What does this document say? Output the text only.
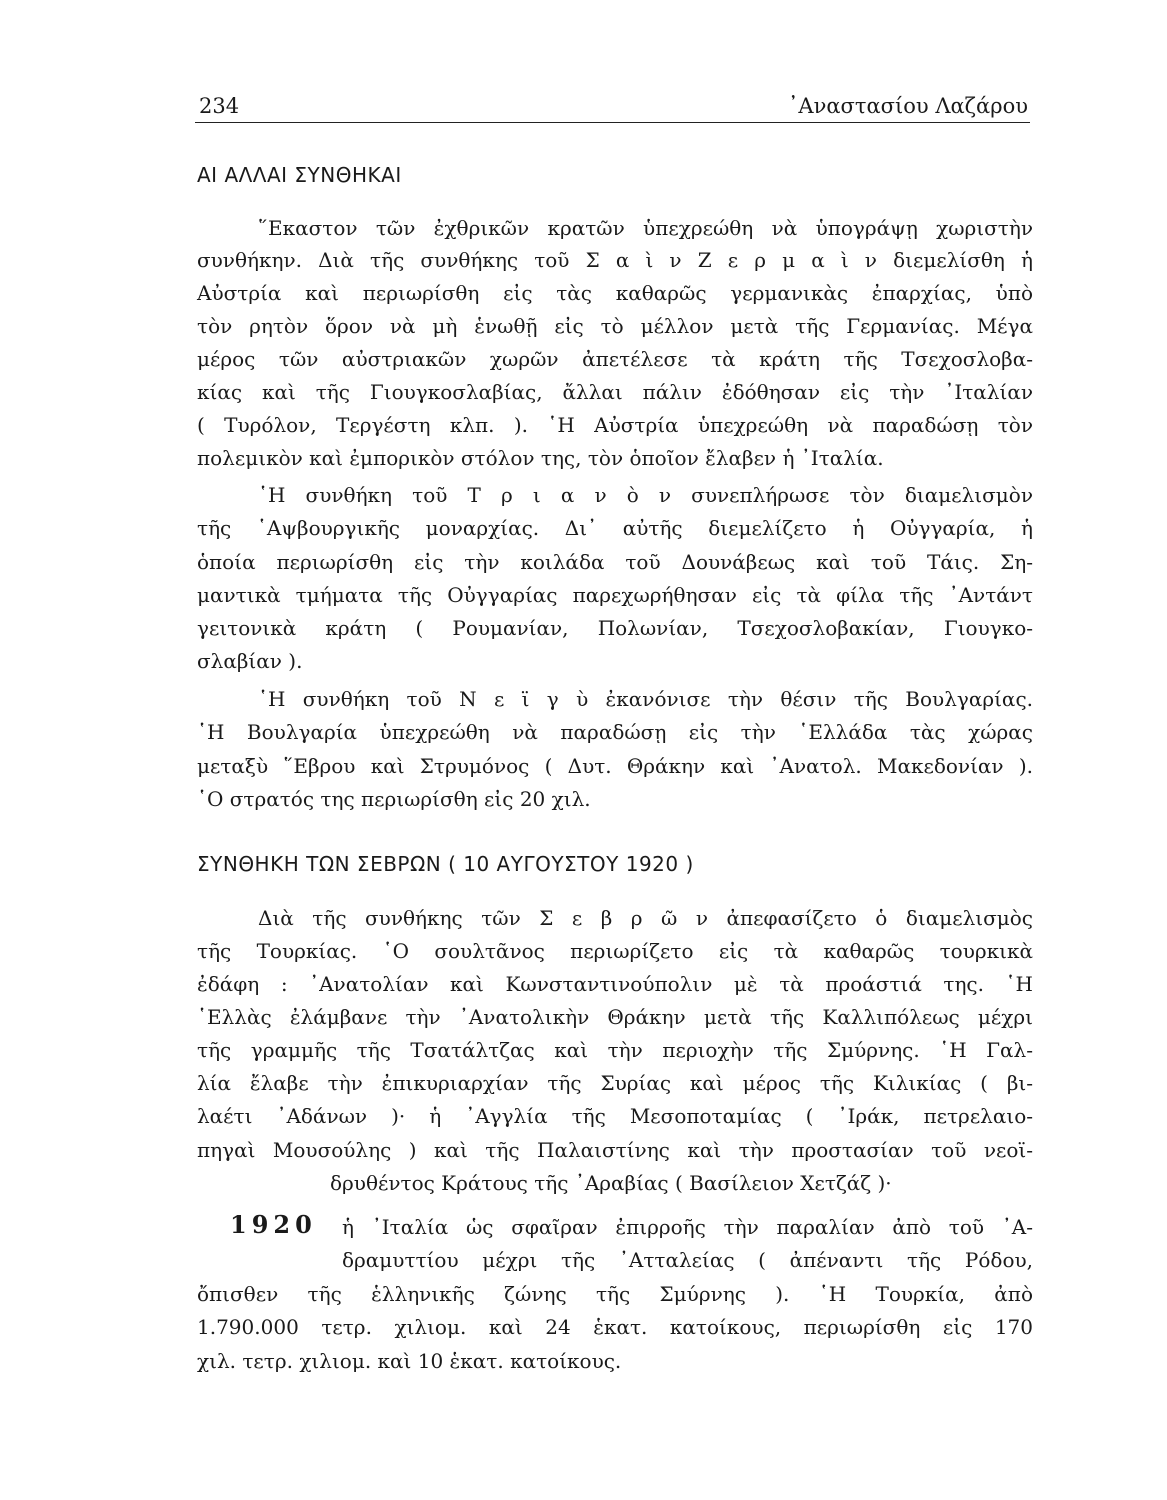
234	᾿Αναστασίου Λαζάρου
ΑΙ ΑΛΛΑΙ ΣΥΝΘΗΚΑΙ
῞Εκαστον τῶν ἐχθρικῶν κρατῶν ὑπεχρεώθη νὰ ὑπογράψῃ χωριστὴν
συνθήκην. Διὰ τῆς συνθήκης τοῦ Σ α ὶ ν Ζ ε ρ μ α ὶ ν διεμελίσθη ἡ
Αὐστρία καὶ περιωρίσθη εἰς τὰς καθαρῶς γερμανικὰς ἐπαρχίας, ὑπὸ
τὸν ρητὸν ὅρον νὰ μὴ ἑνωθῇ εἰς τὸ μέλλον μετὰ τῆς Γερμανίας. Μέγα
μέρος τῶν αὐστριακῶν χωρῶν ἀπετέλεσε τὰ κράτη τῆς Τσεχοσλοβα-
κίας καὶ τῆς Γιουγκοσλαβίας, ἄλλαι πάλιν ἐδόθησαν εἰς τὴν ᾿Ιταλίαν
( Τυρόλον, Τεργέστη κλπ. ). ῾Η Αὐστρία ὑπεχρεώθη νὰ παραδώσῃ τὸν
πολεμικὸν καὶ ἐμπορικὸν στόλον της, τὸν ὁποῖον ἔλαβεν ἡ ᾿Ιταλία.
῾Η συνθήκη τοῦ Τ ρ ι α ν ὸ ν συνεπλήρωσε τὸν διαμελισμὸν
τῆς ῾Αψβουργικῆς μοναρχίας. Δι᾿ αὐτῆς διεμελίζετο ἡ Οὐγγαρία, ἡ
ὁποία περιωρίσθη εἰς τὴν κοιλάδα τοῦ Δουνάβεως καὶ τοῦ Τάις. Ση-
μαντικὰ τμήματα τῆς Οὐγγαρίας παρεχωρήθησαν εἰς τὰ φίλα τῆς ᾿Αντάντ
γειτονικὰ κράτη ( Ρουμανίαν, Πολωνίαν, Τσεχοσλοβακίαν, Γιουγκο-
σλαβίαν ).
῾Η συνθήκη τοῦ Ν ε ϊ γ ὺ ἐκανόνισε τὴν θέσιν τῆς Βουλγαρίας.
῾Η Βουλγαρία ὑπεχρεώθη νὰ παραδώσῃ εἰς τὴν ῾Ελλάδα τὰς χώρας
μεταξὺ ῞Εβρου καὶ Στρυμόνος ( Δυτ. Θράκην καὶ ᾿Ανατολ. Μακεδονίαν ).
῾Ο στρατός της περιωρίσθη εἰς 20 χιλ.
ΣΥΝΘΗΚΗ ΤΩΝ ΣΕΒΡΩΝ ( 10 ΑΥΓΟΥΣΤΟΥ 1920 )
Διὰ τῆς συνθήκης τῶν Σ ε β ρ ῶ ν ἀπεφασίζετο ὁ διαμελισμὸς
τῆς Τουρκίας. ῾Ο σουλτᾶνος περιωρίζετο εἰς τὰ καθαρῶς τουρκικὰ
ἐδάφη : ᾿Ανατολίαν καὶ Κωνσταντινούπολιν μὲ τὰ προάστιά της. ῾Η
῾Ελλὰς ἐλάμβανε τὴν ᾿Ανατολικὴν Θράκην μετὰ τῆς Καλλιπόλεως μέχρι
τῆς γραμμῆς τῆς Τσατάλτζας καὶ τὴν περιοχὴν τῆς Σμύρνης. ῾Η Γαλ-
λία ἔλαβε τὴν ἐπικυριαρχίαν τῆς Συρίας καὶ μέρος τῆς Κιλικίας ( βι-
λαέτι ᾿Αδάνων )· ἡ ᾿Αγγλία τῆς Μεσοποταμίας ( ᾿Ιράκ, πετρελαιο-
πηγαὶ Μουσούλης ) καὶ τῆς Παλαιστίνης καὶ τὴν προστασίαν τοῦ νεοϊ-
δρυθέντος Κράτους τῆς ᾿Αραβίας ( Βασίλειον Χετζάζ )·
1920 ἡ ᾿Ιταλία ὡς σφαῖραν ἐπιρροῆς τὴν παραλίαν ἀπὸ τοῦ ᾿Α-
δραμυττίου μέχρι τῆς ᾿Ατταλείας ( ἀπέναντι τῆς Ρόδου,
ὄπισθεν τῆς ἑλληνικῆς ζώνης τῆς Σμύρνης ). ῾Η Τουρκία, ἀπὸ
1.790.000 τετρ. χιλιομ. καὶ 24 ἑκατ. κατοίκους, περιωρίσθη εἰς 170
χιλ. τετρ. χιλιομ. καὶ 10 ἑκατ. κατοίκους.
